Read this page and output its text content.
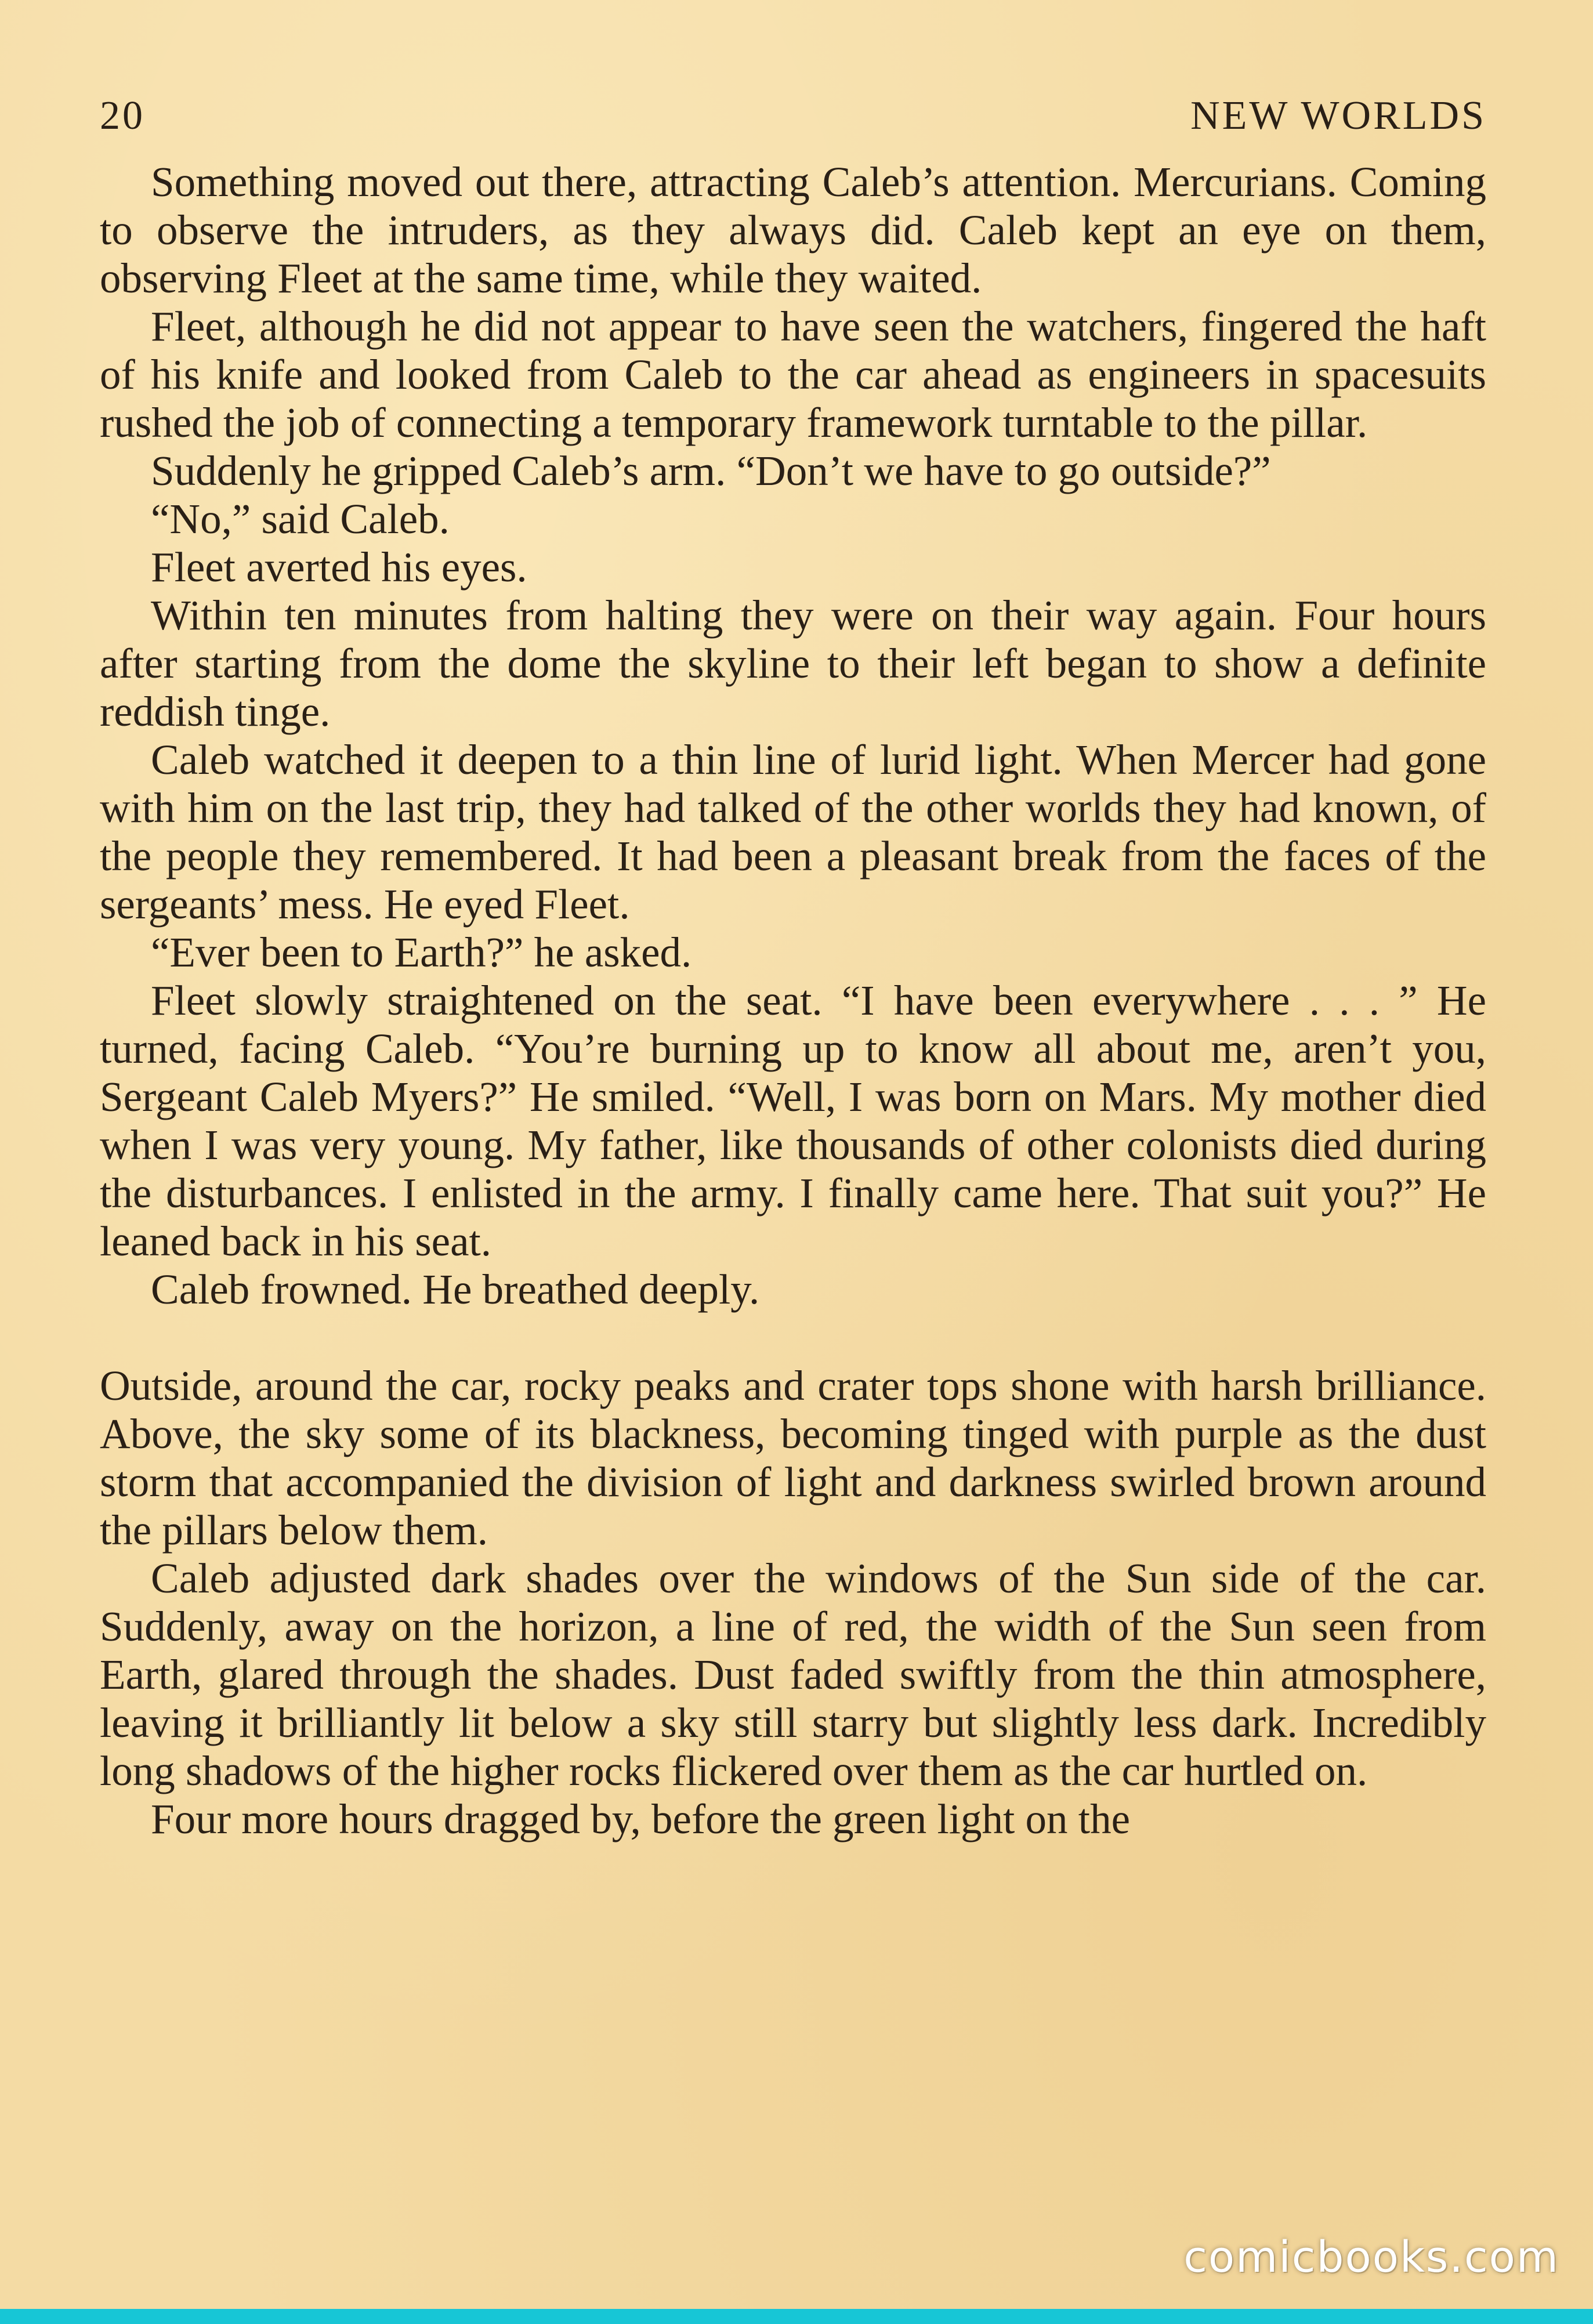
20	NEW WORLDS

Something moved out there, attracting Caleb’s attention. Mercurians. Coming to observe the intruders, as they always did. Caleb kept an eye on them, observing Fleet at the same time, while they waited.

Fleet, although he did not appear to have seen the watchers, fingered the haft of his knife and looked from Caleb to the car ahead as engineers in spacesuits rushed the job of connecting a temporary framework turntable to the pillar.

Suddenly he gripped Caleb’s arm. “Don’t we have to go outside?”

“No,” said Caleb.

Fleet averted his eyes.

Within ten minutes from halting they were on their way again. Four hours after starting from the dome the skyline to their left began to show a definite reddish tinge.

Caleb watched it deepen to a thin line of lurid light. When Mercer had gone with him on the last trip, they had talked of the other worlds they had known, of the people they remembered. It had been a pleasant break from the faces of the sergeants’ mess. He eyed Fleet.

“Ever been to Earth?” he asked.

Fleet slowly straightened on the seat. “I have been everywhere . . . ” He turned, facing Caleb. “You’re burning up to know all about me, aren’t you, Sergeant Caleb Myers?” He smiled. “Well, I was born on Mars. My mother died when I was very young. My father, like thousands of other colonists died during the disturbances. I enlisted in the army. I finally came here. That suit you?” He leaned back in his seat.

Caleb frowned. He breathed deeply.

Outside, around the car, rocky peaks and crater tops shone with harsh brilliance. Above, the sky some of its blackness, becoming tinged with purple as the dust storm that accompanied the division of light and darkness swirled brown around the pillars below them.

Caleb adjusted dark shades over the windows of the Sun side of the car. Suddenly, away on the horizon, a line of red, the width of the Sun seen from Earth, glared through the shades. Dust faded swiftly from the thin atmosphere, leaving it brilliantly lit below a sky still starry but slightly less dark. Incredibly long shadows of the higher rocks flickered over them as the car hurtled on.

Four more hours dragged by, before the green light on the

comicbooks.com
